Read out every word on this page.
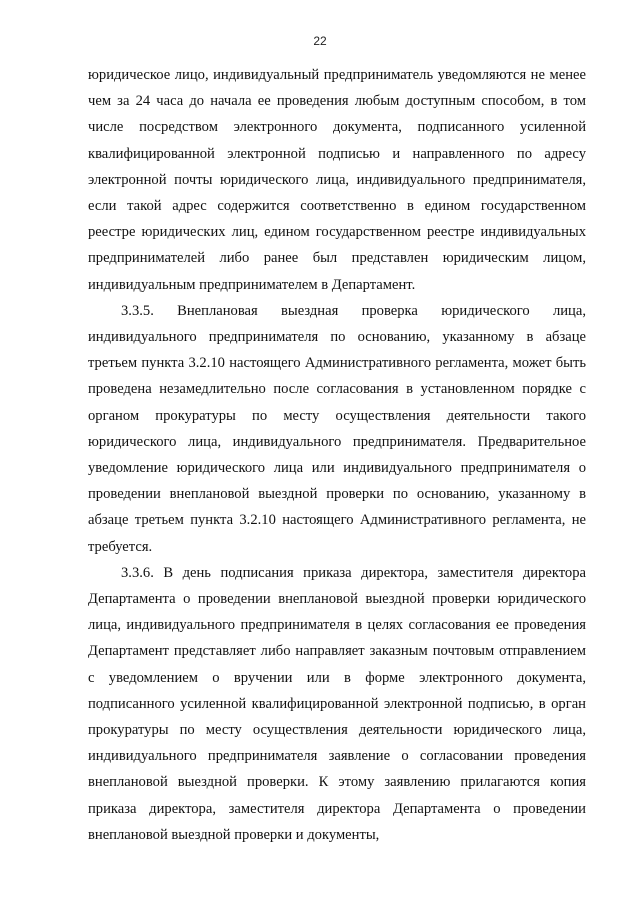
22

юридическое лицо, индивидуальный предприниматель уведомляются не менее чем за 24 часа до начала ее проведения любым доступным способом, в том числе посредством электронного документа, подписанного усиленной квалифицированной электронной подписью и направленного по адресу электронной почты юридического лица, индивидуального предпринимателя, если такой адрес содержится соответственно в едином государственном реестре юридических лиц, едином государственном реестре индивидуальных предпринимателей либо ранее был представлен юридическим лицом, индивидуальным предпринимателем в Департамент.

3.3.5. Внеплановая выездная проверка юридического лица, индивидуального предпринимателя по основанию, указанному в абзаце третьем пункта 3.2.10 настоящего Административного регламента, может быть проведена незамедлительно после согласования в установленном порядке с органом прокуратуры по месту осуществления деятельности такого юридического лица, индивидуального предпринимателя. Предварительное уведомление юридического лица или индивидуального предпринимателя о проведении внеплановой выездной проверки по основанию, указанному в абзаце третьем пункта 3.2.10 настоящего Административного регламента, не требуется.

3.3.6. В день подписания приказа директора, заместителя директора Департамента о проведении внеплановой выездной проверки юридического лица, индивидуального предпринимателя в целях согласования ее проведения Департамент представляет либо направляет заказным почтовым отправлением с уведомлением о вручении или в форме электронного документа, подписанного усиленной квалифицированной электронной подписью, в орган прокуратуры по месту осуществления деятельности юридического лица, индивидуального предпринимателя заявление о согласовании проведения внеплановой выездной проверки. К этому заявлению прилагаются копия приказа директора, заместителя директора Департамента о проведении внеплановой выездной проверки и документы,
